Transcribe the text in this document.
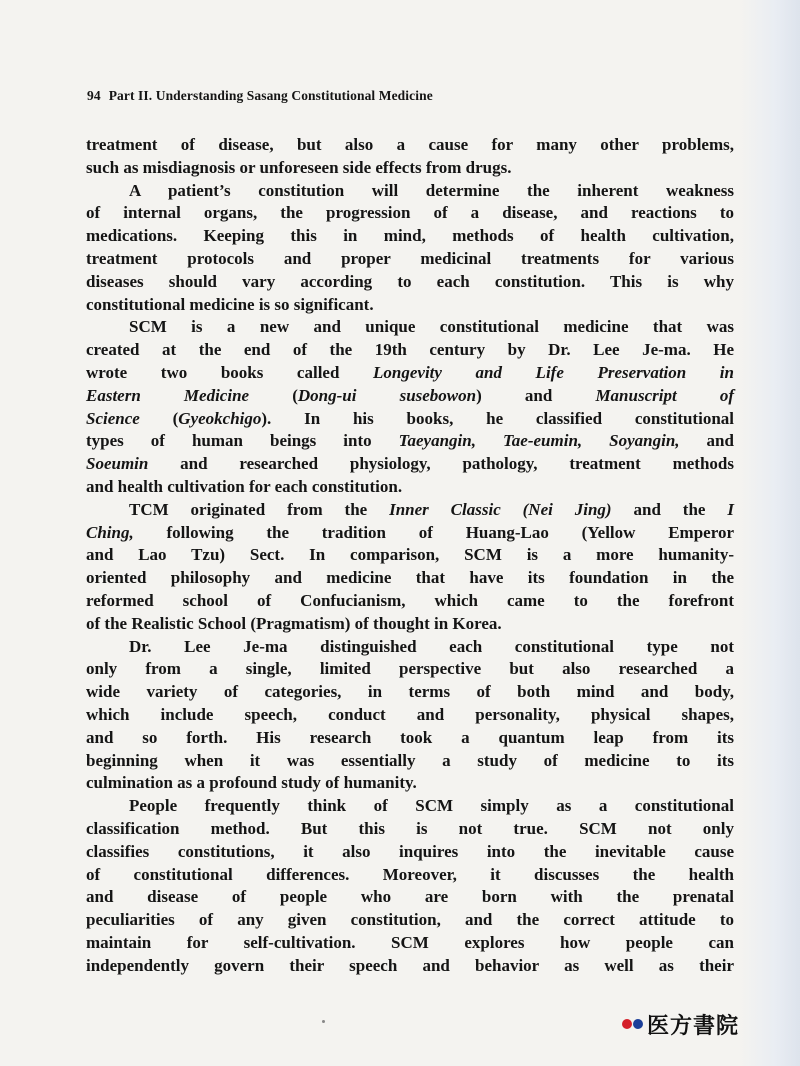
94 Part II. Understanding Sasang Constitutional Medicine
treatment of disease, but also a cause for many other problems,
such as misdiagnosis or unforeseen side effects from drugs.
A patient’s constitution will determine the inherent weakness
of internal organs, the progression of a disease, and reactions to
medications. Keeping this in mind, methods of health cultivation,
treatment protocols and proper medicinal treatments for various
diseases should vary according to each constitution. This is why
constitutional medicine is so significant.
SCM is a new and unique constitutional medicine that was
created at the end of the 19th century by Dr. Lee Je-ma. He
wrote two books called Longevity and Life Preservation in
Eastern Medicine (Dong-ui susebowon) and Manuscript of
Science (Gyeokchigo). In his books, he classified constitutional
types of human beings into Taeyangin, Tae-eumin, Soyangin, and
Soeumin and researched physiology, pathology, treatment methods
and health cultivation for each constitution.
TCM originated from the Inner Classic (Nei Jing) and the I
Ching, following the tradition of Huang-Lao (Yellow Emperor
and Lao Tzu) Sect. In comparison, SCM is a more humanity-
oriented philosophy and medicine that have its foundation in the
reformed school of Confucianism, which came to the forefront
of the Realistic School (Pragmatism) of thought in Korea.
Dr. Lee Je-ma distinguished each constitutional type not
only from a single, limited perspective but also researched a
wide variety of categories, in terms of both mind and body,
which include speech, conduct and personality, physical shapes,
and so forth. His research took a quantum leap from its
beginning when it was essentially a study of medicine to its
culmination as a profound study of humanity.
People frequently think of SCM simply as a constitutional
classification method. But this is not true. SCM not only
classifies constitutions, it also inquires into the inevitable cause
of constitutional differences. Moreover, it discusses the health
and disease of people who are born with the prenatal
peculiarities of any given constitution, and the correct attitude to
maintain for self-cultivation. SCM explores how people can
independently govern their speech and behavior as well as their
医方書院
